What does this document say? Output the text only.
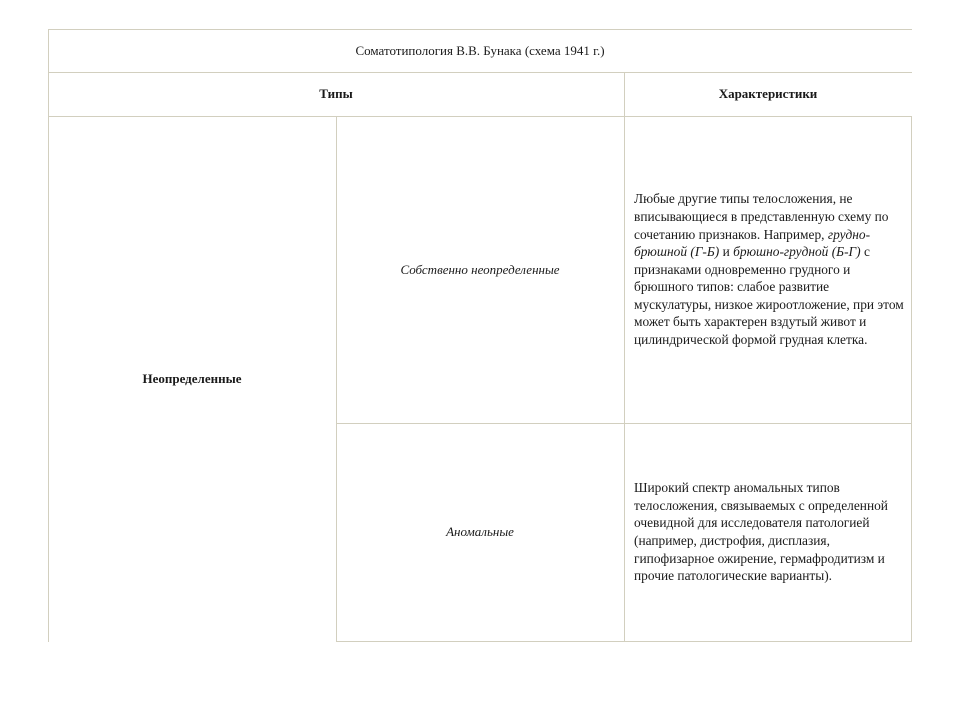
Соматотипология В.В. Бунака (схема 1941 г.)
Типы	Характеристики
Неопределенные
Собственно неопределенные

Любые другие типы телосложения, не вписывающиеся в представленную схему по сочетанию признаков. Например, грудно-брюшной (Г-Б) и брюшно-грудной (Б-Г) с признаками одновременно грудного и брюшного типов: слабое развитие мускулатуры, низкое жироотложение, при этом может быть характерен вздутый живот и цилиндрической формой грудная клетка.

Аномальные

Широкий спектр аномальных типов телосложения, связываемых с определенной очевидной для исследователя патологией (например, дистрофия, дисплазия, гипофизарное ожирение, гермафродитизм и прочие патологические варианты).
